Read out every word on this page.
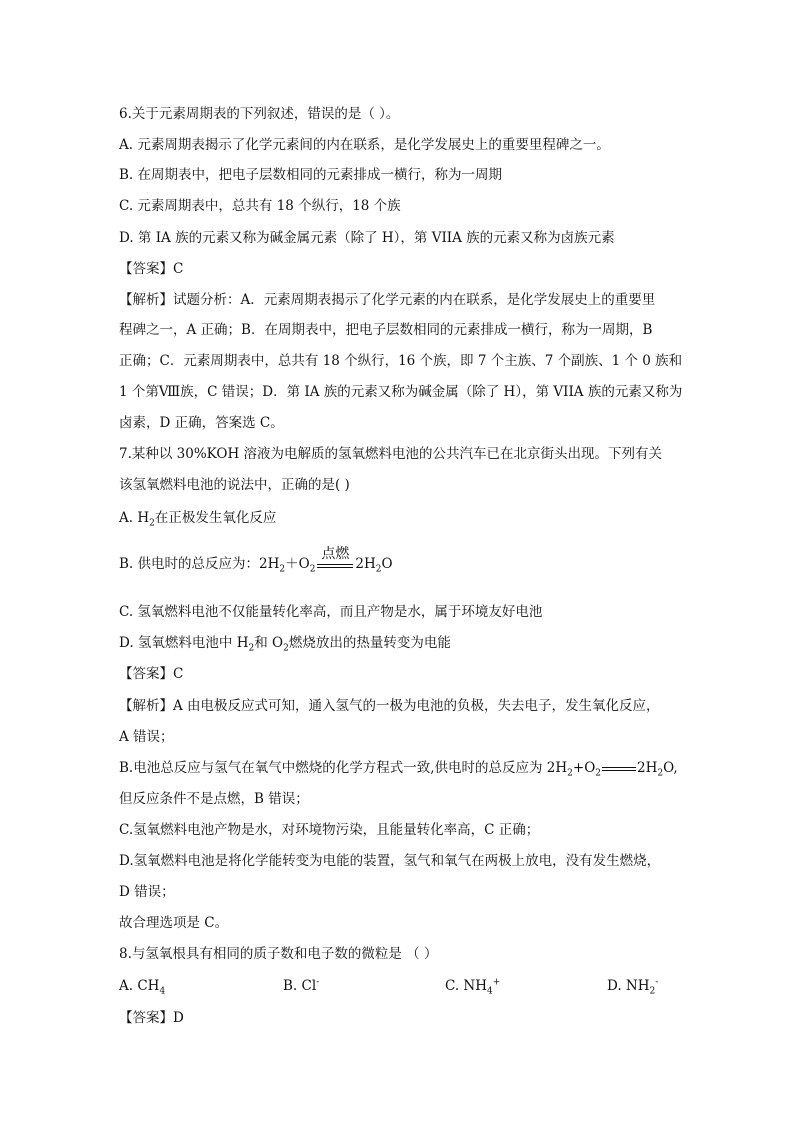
6.关于元素周期表的下列叙述，错误的是（ ）。
A. 元素周期表揭示了化学元素间的内在联系，是化学发展史上的重要里程碑之一。
B. 在周期表中，把电子层数相同的元素排成一横行，称为一周期
C. 元素周期表中，总共有 18 个纵行，18 个族
D. 第 IA 族的元素又称为碱金属元素（除了 H），第 VIIA 族的元素又称为卤族元素
【答案】C
【解析】试题分析：A．元素周期表揭示了化学元素的内在联系，是化学发展史上的重要里
程碑之一，A 正确；B．在周期表中，把电子层数相同的元素排成一横行，称为一周期，B
正确；C．元素周期表中，总共有 18 个纵行，16 个族，即 7 个主族、7 个副族、1 个 0 族和
1 个第Ⅷ族，C 错误；D．第 IA 族的元素又称为碱金属（除了 H），第 VIIA 族的元素又称为
卤素，D 正确，答案选 C。
7.某种以 30%KOH 溶液为电解质的氢氧燃料电池的公共汽车已在北京街头出现。下列有关
该氢氧燃料电池的说法中，正确的是( )
A. $H_2$在正极发生氧化反应
B. 供电时的总反应为：$2H_2+O_2$
点燃
$2H_2O$
C. 氢氧燃料电池不仅能量转化率高，而且产物是水，属于环境友好电池
D. 氢氧燃料电池中 $H_2$和 $O_2$燃烧放出的热量转变为电能
【答案】C
【解析】A 由电极反应式可知，通入氢气的一极为电池的负极，失去电子，发生氧化反应，
A 错误；
B.电池总反应与氢气在氧气中燃烧的化学方程式一致,供电时的总反应为 $2H_2+O_2$	$2H_2O$,
但反应条件不是点燃，B 错误；
C.氢氧燃料电池产物是水，对环境物污染，且能量转化率高，C 正确；
D.氢氧燃料电池是将化学能转变为电能的装置，氢气和氧气在两极上放电，没有发生燃烧，
D 错误；
故合理选项是 C。
8.与氢氧根具有相同的质子数和电子数的微粒是 （ ）
A. $CH_4$	B. Cl-	C. $NH_4^+$	D. $NH_2^-$
【答案】D
